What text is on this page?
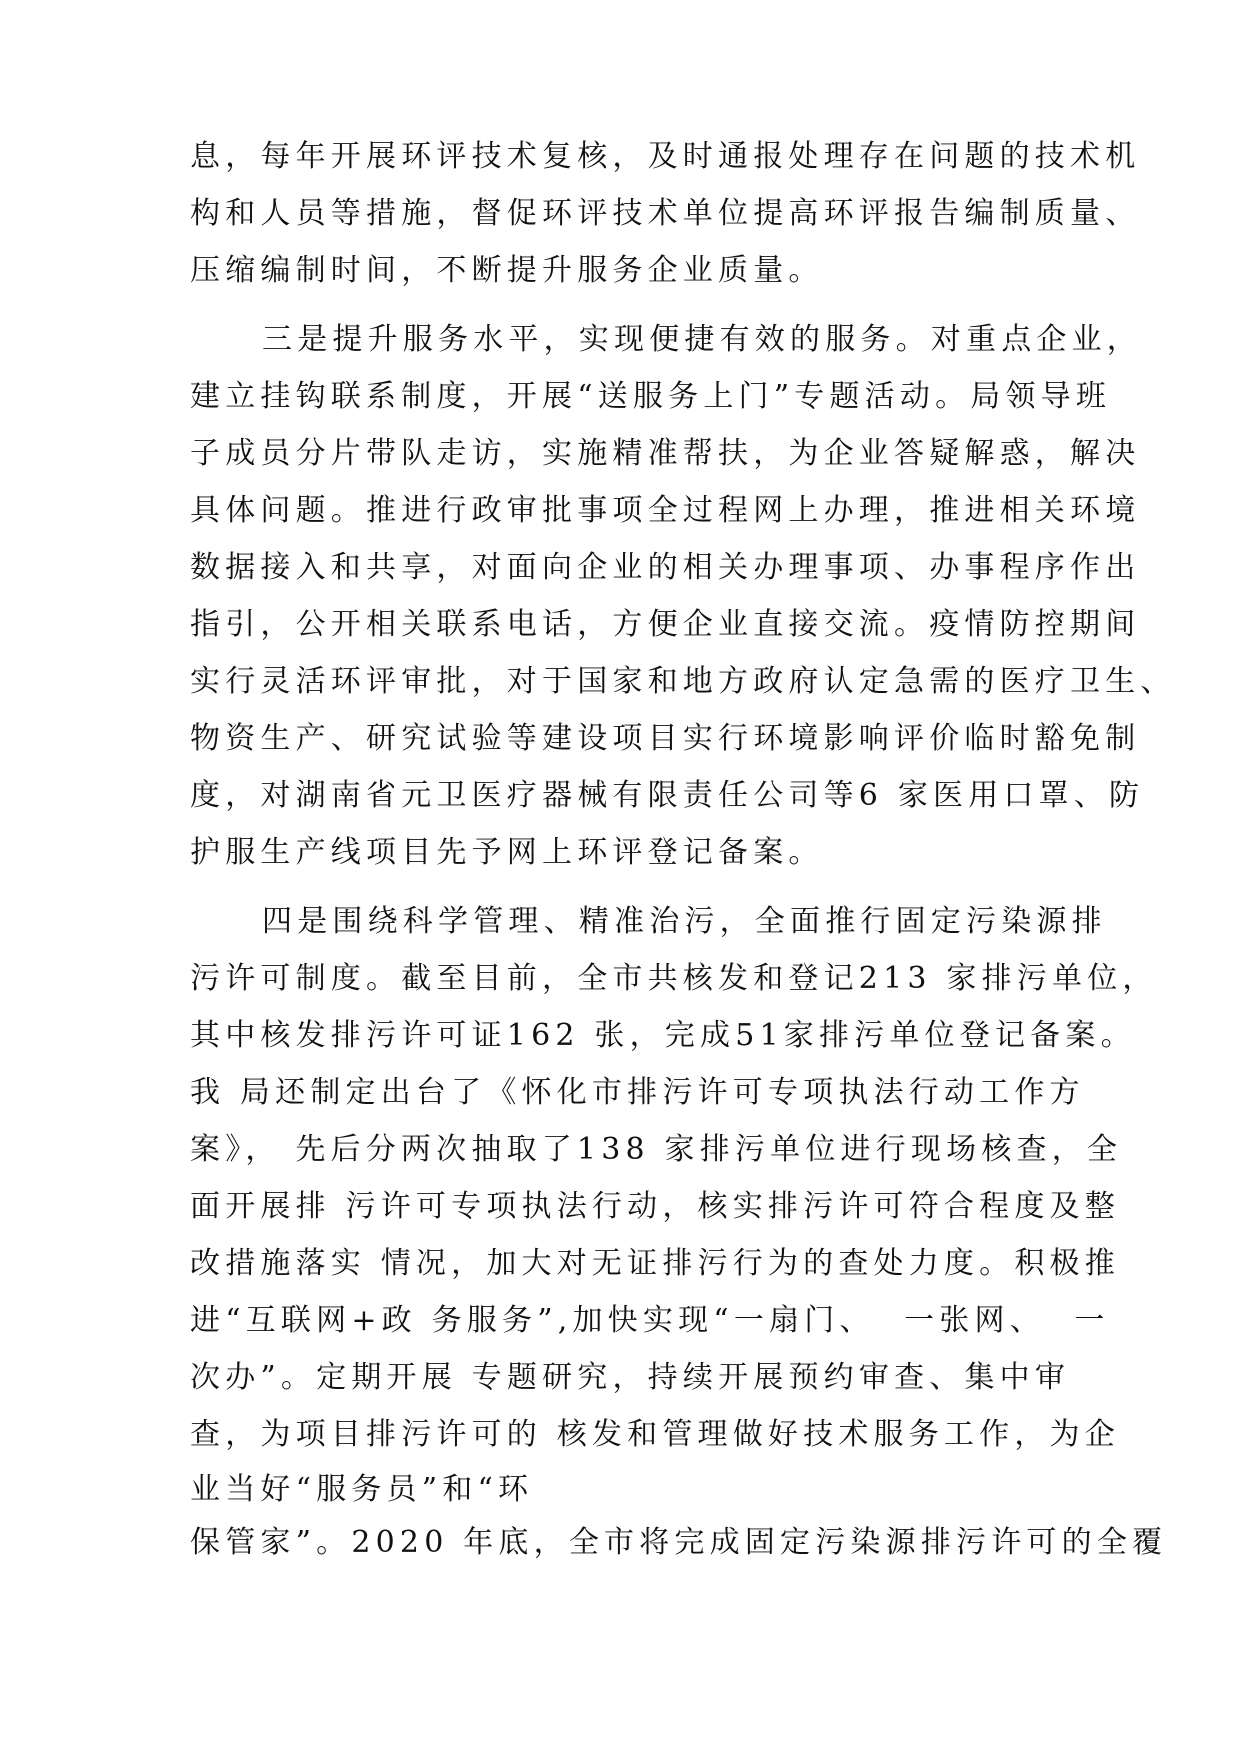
息，每年开展环评技术复核，及时通报处理存在问题的技术机
构和人员等措施，督促环评技术单位提高环评报告编制质量、
压缩编制时间，不断提升服务企业质量。
三是提升服务水平，实现便捷有效的服务。对重点企业，
建立挂钩联系制度，开展“送服务上门”专题活动。局领导班
子成员分片带队走访，实施精准帮扶，为企业答疑解惑，解决
具体问题。推进行政审批事项全过程网上办理，推进相关环境
数据接入和共享，对面向企业的相关办理事项、办事程序作出
指引，公开相关联系电话，方便企业直接交流。疫情防控期间
实行灵活环评审批，对于国家和地方政府认定急需的医疗卫生、
物资生产、研究试验等建设项目实行环境影响评价临时豁免制
度，对湖南省元卫医疗器械有限责任公司等6 家医用口罩、防
护服生产线项目先予网上环评登记备案。
四是围绕科学管理、精准治污，全面推行固定污染源排
污许可制度。截至目前，全市共核发和登记213 家排污单位，
其中核发排污许可证162 张，完成51家排污单位登记备案。
我 局还制定出台了《怀化市排污许可专项执法行动工作方
案》， 先后分两次抽取了138 家排污单位进行现场核查，全
面开展排 污许可专项执法行动，核实排污许可符合程度及整
改措施落实 情况，加大对无证排污行为的查处力度。积极推
进“互联网+政 务服务”,加快实现“一扇门、  一张网、  一
次办”。定期开展 专题研究，持续开展预约审查、集中审
查，为项目排污许可的 核发和管理做好技术服务工作，为企
业当好“服务员”和“环
保管家”。2020 年底，全市将完成固定污染源排污许可的全覆
